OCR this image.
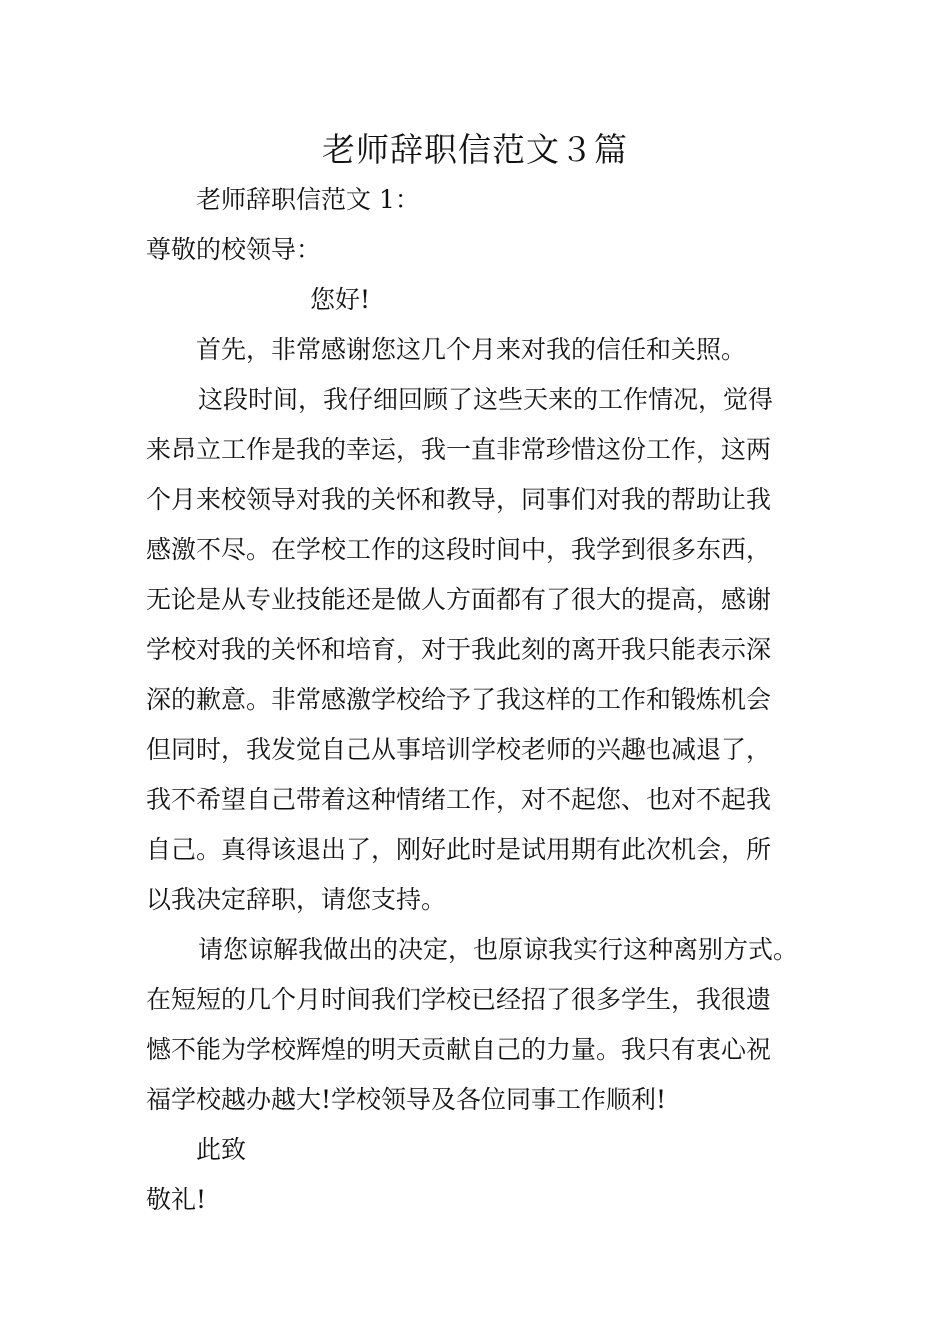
老师辞职信范文３篇
老师辞职信范文 1：
尊敬的校领导：
您好!
首先，非常感谢您这几个月来对我的信任和关照。
这段时间，我仔细回顾了这些天来的工作情况，觉得
来昂立工作是我的幸运，我一直非常珍惜这份工作，这两
个月来校领导对我的关怀和教导，同事们对我的帮助让我
感激不尽。在学校工作的这段时间中，我学到很多东西，
无论是从专业技能还是做人方面都有了很大的提高，感谢
学校对我的关怀和培育，对于我此刻的离开我只能表示深
深的歉意。非常感激学校给予了我这样的工作和锻炼机会
但同时，我发觉自己从事培训学校老师的兴趣也减退了，
我不希望自己带着这种情绪工作，对不起您、也对不起我
自己。真得该退出了，刚好此时是试用期有此次机会，所
以我决定辞职，请您支持。
请您谅解我做出的决定，也原谅我实行这种离别方式。
在短短的几个月时间我们学校已经招了很多学生，我很遗
憾不能为学校辉煌的明天贡献自己的力量。我只有衷心祝
福学校越办越大!学校领导及各位同事工作顺利!
此致
敬礼!
